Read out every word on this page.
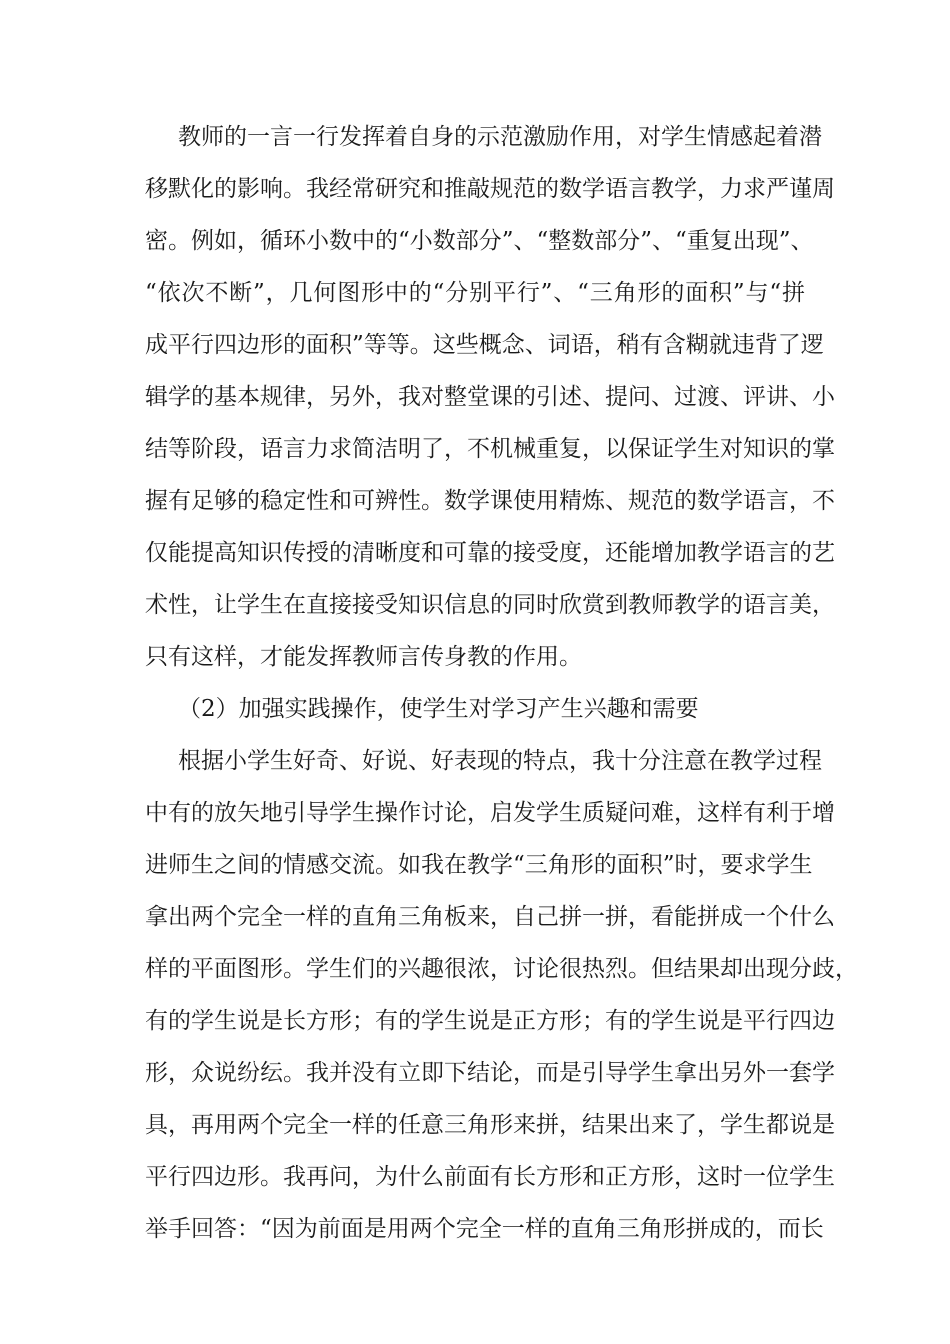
教师的一言一行发挥着自身的示范激励作用，对学生情感起着潜
移默化的影响。我经常研究和推敲规范的数学语言教学，力求严谨周
密。例如，循环小数中的“小数部分”、“整数部分”、“重复出现”、
“依次不断”，几何图形中的“分别平行”、“三角形的面积”与“拼
成平行四边形的面积”等等。这些概念、词语，稍有含糊就违背了逻
辑学的基本规律，另外，我对整堂课的引述、提问、过渡、评讲、小
结等阶段，语言力求简洁明了，不机械重复，以保证学生对知识的掌
握有足够的稳定性和可辨性。数学课使用精炼、规范的数学语言，不
仅能提高知识传授的清晰度和可靠的接受度，还能增加教学语言的艺
术性，让学生在直接接受知识信息的同时欣赏到教师教学的语言美，
只有这样，才能发挥教师言传身教的作用。
（2）加强实践操作，使学生对学习产生兴趣和需要
根据小学生好奇、好说、好表现的特点，我十分注意在教学过程
中有的放矢地引导学生操作讨论，启发学生质疑问难，这样有利于增
进师生之间的情感交流。如我在教学“三角形的面积”时，要求学生
拿出两个完全一样的直角三角板来，自己拼一拼，看能拼成一个什么
样的平面图形。学生们的兴趣很浓，讨论很热烈。但结果却出现分歧，
有的学生说是长方形；有的学生说是正方形；有的学生说是平行四边
形，众说纷纭。我并没有立即下结论，而是引导学生拿出另外一套学
具，再用两个完全一样的任意三角形来拼，结果出来了，学生都说是
平行四边形。我再问，为什么前面有长方形和正方形，这时一位学生
举手回答：“因为前面是用两个完全一样的直角三角形拼成的，而长
